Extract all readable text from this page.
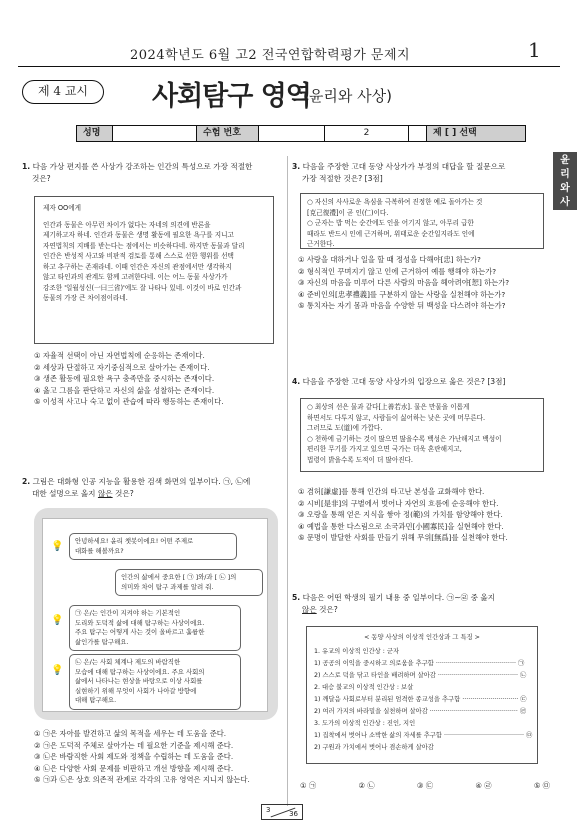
2024학년도 6월 고2 전국연합학력평가 문제지	1
제 4 교시	사회탐구 영역
(윤리와 사상)
성명	수험 번호	2	제 [ ] 선택
윤리와 사상
1. 다음 가상 편지를 쓴 사상가 강조하는 인간의 특성으로 가장 적절한
것은?
제자 OO에게
인간과 동물은 아무런 차이가 없다는 자네의 의견에 반론을
제기하고자 하네. 인간과 동물은 생명 활동에 필요한 욕구를 지니고
자연법칙의 지배를 받는다는 점에서는 비슷하다네. 하지만 동물과 달리
인간은 반성적 사고와 비판적 검토를 통해 스스로 선한 행위를 선택
하고 추구하는 존재라네. 이때 인간은 자신의 관점에서만 생각하지
않고 타인과의 관계도 함께 고려한다네. 이는 어느 동물 사상가가
강조한 '일월성신(一曰三省)'에도 잘 나타나 있네. 이것이 바로 인간과
동물의 가장 큰 차이점이라네.
① 자율적 선택이 아닌 자연법칙에 순응하는 존재이다.
② 세상과 단절하고 자기중심적으로 살아가는 존재이다.
③ 생존 활동에 필요한 욕구 충족만을 중시하는 존재이다.
④ 옳고 그름을 판단하고 자신의 삶을 성찰하는 존재이다.
⑤ 이성적 사고나 숙고 없이 관습에 따라 행동하는 존재이다.
2. 그림은 대화형 인공 지능을 활용한 검색 화면의 일부이다. ㉠, ㉡에
대한 설명으로 옳지 않은 것은?
💡 안녕하세요! 윤리 챗봇이에요! 어떤 주제로
대화를 해볼까요?
인간의 삶에서 중요한 [ ㉠ ]와/과 [ ㉡ ]의
의미와 차이 탐구 과제를 알려 줘.
💡
㉠ 은/는 인간이 지켜야 하는 기본적인
도리와 도덕적 삶에 대해 탐구하는 사상이에요.
주요 탐구는 어떻게 사는 것이 올바르고 훌륭한
삶인가를 탐구해요.
💡
㉡ 은/는 사회 체계나 제도의 바람직한
모습에 대해 탐구하는 사상이에요. 주요 사회의
삶에서 나타나는 현상을 바탕으로 이상 사회를
실현하기 위해 무엇이 사회가 나아갈 방향에
대해 탐구해요.
① ㉠은 자아를 발견하고 삶의 목적을 세우는 데 도움을 준다.
② ㉠은 도덕적 주체로 살아가는 데 필요한 기준을 제시해 준다.
③ ㉡은 바람직한 사회 제도와 정책을 수립하는 데 도움을 준다.
④ ㉡은 다양한 사회 문제를 비판하고 개선 방향을 제시해 준다.
⑤ ㉠과 ㉡은 상호 의존적 관계로 각각의 고유 영역은 지니지 않는다.
3. 다음을 주장한 고대 동양 사상가가 부정의 대답을 할 질문으로
가장 적절한 것은? [3점]
○ 자신의 사사로운 욕심을 극복하여 진정한 예로 돌아가는 것
[克己復禮]이 곧 인(仁)이다.
○ 군자는 밥 먹는 순간에도 인을 어기지 않고, 아무리 급한
때라도 반드시 인에 근거하며, 위태로운 순간일지라도 인에
근거한다.
① 사랑을 대하거나 일을 할 때 정성을 다해야[忠] 하는가?
② 형식적인 꾸며지기 않고 인에 근거하여 예를 행해야 하는가?
③ 자신의 마음을 미루어 다른 사람의 마음을 헤아려야[恕] 하는가?
④ 준비인의[忠孝禮義]를 구분하지 않는 사랑을 실천해야 하는가?
⑤ 통치자는 자기 몸과 마음을 수양한 뒤 백성을 다스려야 하는가?
4. 다음을 주장한 고대 동양 사상가의 입장으로 옳은 것은? [3점]
○ 최상의 선은 물과 같다[上善若水]. 물은 만물을 이롭게
하면서도 다투지 않고, 사람들이 싫어하는 낮은 곳에 머무른다.
그러므로 도(道)에 가깝다.
○ 천하에 금기하는 것이 많으면 많을수록 백성은 가난해지고 백성이
편리한 무기를 가지고 있으면 국가는 더욱 혼란해지고,
법령이 밝을수록 도적이 더 많아진다.
① 겸허[謙虛]를 통해 인간의 타고난 본성을 교화해야 한다.
② 시비[是非]의 구별에서 벗어나 자연의 흐름에 순응해야 한다.
③ 오랑을 통해 얻은 지식을 쌓아 정(範)의 가치를 함양해야 한다.
④ 예법을 통한 다스림으로 소국과민[小國寡民]을 실현해야 한다.
⑤ 문명이 발달한 사회를 만들기 위해 무위[無爲]를 실천해야 한다.
5. 다음은 어떤 학생의 필기 내용 중 일부이다. ㉠~㉣ 중 옳지
않은 것은?
< 동양 사상의 이상적 인간상과 그 특징 >
1. 유교의 이상적 인간상 : 군자
1) 공공의 이익을 중시하고 의로움을 추구함 ········································ ㉠
2) 스스로 덕을 닦고 타인을 배려하며 살아감 ········································ ㉡
2. 대승 불교의 이상적 인간상 : 보살
1) 깨달음 사회로부터 분리된 엄격한 종교성을 추구함 ···························· ㉢
2) 여러 가지의 바라밀을 실천하며 살아감 ············································ ㉣
3. 도가의 이상적 인간상 : 진인, 지인
1) 집착에서 벗어나 소박한 삶의 자세를 추구함 ········································ ㉤
2) 구원과 가치에서 벗어나 겸손하게 살아감
① ㉠	② ㉡	③ ㉢	④ ㉣	⑤ ㉤
3	36
